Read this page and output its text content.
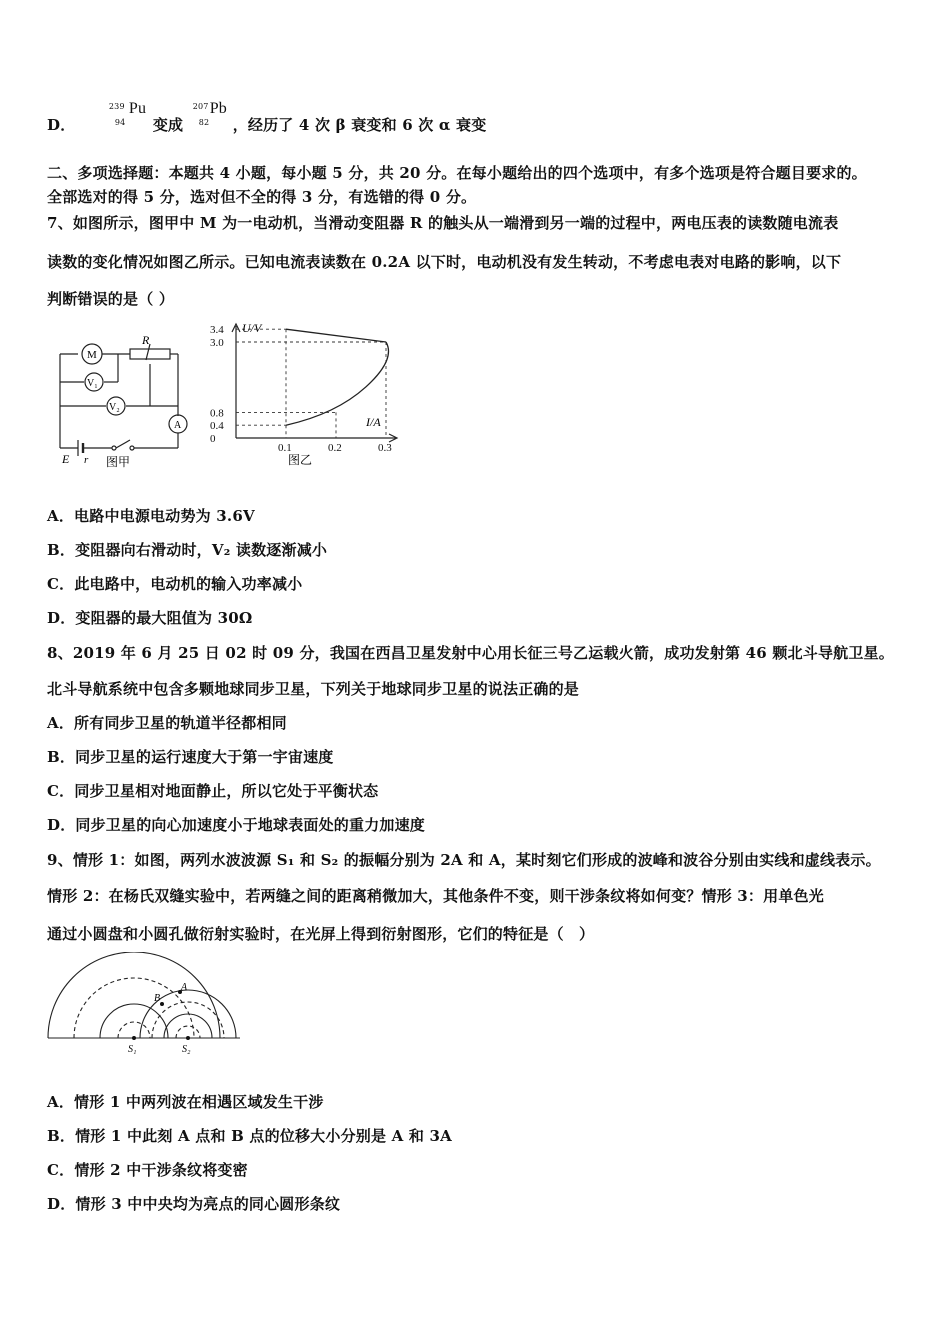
D．
239
94
Pu
变成
207
82
Pb
，经历了 4 次 β 衰变和 6 次 α 衰变
二、多项选择题：本题共 4 小题，每小题 5 分，共 20 分。在每小题给出的四个选项中，有多个选项是符合题目要求的。
全部选对的得 5 分，选对但不全的得 3 分，有选错的得 0 分。
7、如图所示，图甲中 M 为一电动机，当滑动变阻器 R 的触头从一端滑到另一端的过程中，两电压表的读数随电流表
读数的变化情况如图乙所示。已知电流表读数在 0.2A 以下时，电动机没有发生转动，不考虑电表对电路的影响，以下
判断错误的是（ ）
M
R
V₁
V₂
A
E r 图甲
3.4
3.0
0.8
0.4
0
0.1	0.2	0.3
U/V
I/A
图乙
A．电路中电源电动势为 3.6V
B．变阻器向右滑动时，V₂ 读数逐渐减小
C．此电路中，电动机的输入功率减小
D．变阻器的最大阻值为 30Ω
8、2019 年 6 月 25 日 02 时 09 分，我国在西昌卫星发射中心用长征三号乙运载火箭，成功发射第 46 颗北斗导航卫星。
北斗导航系统中包含多颗地球同步卫星，下列关于地球同步卫星的说法正确的是
A．所有同步卫星的轨道半径都相同
B．同步卫星的运行速度大于第一宇宙速度
C．同步卫星相对地面静止，所以它处于平衡状态
D．同步卫星的向心加速度小于地球表面处的重力加速度
9、情形 1：如图，两列水波波源 S₁ 和 S₂ 的振幅分别为 2A 和 A，某时刻它们形成的波峰和波谷分别由实线和虚线表示。
情形 2：在杨氏双缝实验中，若两缝之间的距离稍微加大，其他条件不变，则干涉条纹将如何变？情形 3：用单色光
通过小圆盘和小圆孔做衍射实验时，在光屏上得到衍射图形，它们的特征是（　）
A
B
S₁	S₂
A．情形 1 中两列波在相遇区域发生干涉
B．情形 1 中此刻 A 点和 B 点的位移大小分别是 A 和 3A
C．情形 2 中干涉条纹将变密
D．情形 3 中中央均为亮点的同心圆形条纹
